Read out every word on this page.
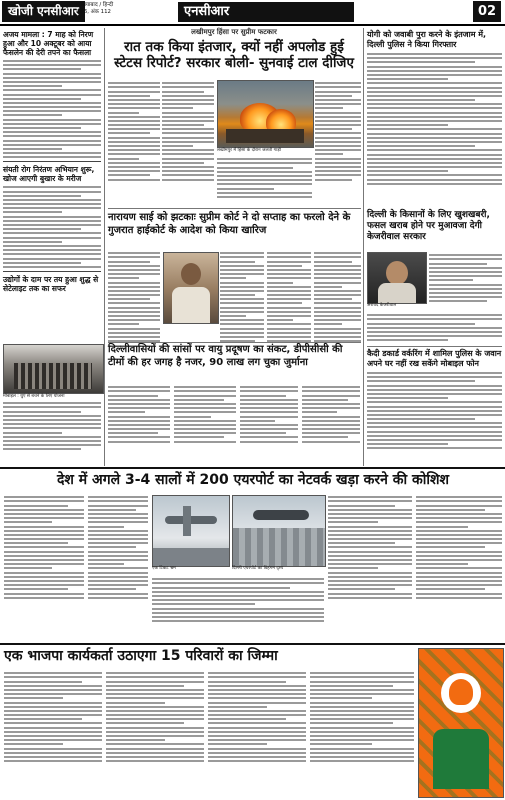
खोजी एनसीआर
गाजियाबाद / हिन्दी
वर्ष 6, अंक 112	एनसीआर	02
अजय मामला : 7 माह को निरण हुआ और 10 अक्टूबर को आया फैसलेन की देरी तपने का फैसला
संयती रोग निरंतण अभियान शुरू, खोज आएगी बुखार के मरीज
उद्योगों के दाम पर तय हुआ शुद्ध से सेटेलाइट तक का सफर
मोबाइल : धुएं से बचने के लिए योजना
लखीमपुर हिंसा पर सुप्रीम फटकार
रात तक किया इंतजार, क्यों नहीं अपलोड हुई स्टेटस रिपोर्ट? सरकार बोली- सुनवाई टाल दीजिए
लखीमपुर में हिंसा के दौरान जलती गाड़ी
नारायण साई को झटकाः सुप्रीम कोर्ट ने दो सप्ताह का फरलो देने के गुजरात हाईकोर्ट के आदेश को किया खारिज
दिल्लीवासियों की सांसों पर वायु प्रदूषण का संकट, डीपीसीसी की टीमों की हर जगह है नजर, 90 लाख लग चुका जुर्माना
योगी को जवाबी पुरा करने के इंतजाम में, दिल्ली पुलिस ने किया गिरफ्तार
दिल्ली के किसानों के लिए खुशखबरी, फसल खराब होने पर मुआवजा देगी केजरीवाल सरकार
अरविंद केजरीवाल
कैदी डकार्ड वर्करिंग में शामिल पुलिस के जवान अपने घर नहीं रख सकेंगे मोबाइल फोन
देश में अगले 3-4 सालों में 200 एयरपोर्ट का नेटवर्क खड़ा करने की कोशिश
एक टिकट भ्रम	दिल्ली एयरपोर्ट का विहंगम दृश्य
एक भाजपा कार्यकर्ता उठाएगा 15 परिवारों का जिम्मा
